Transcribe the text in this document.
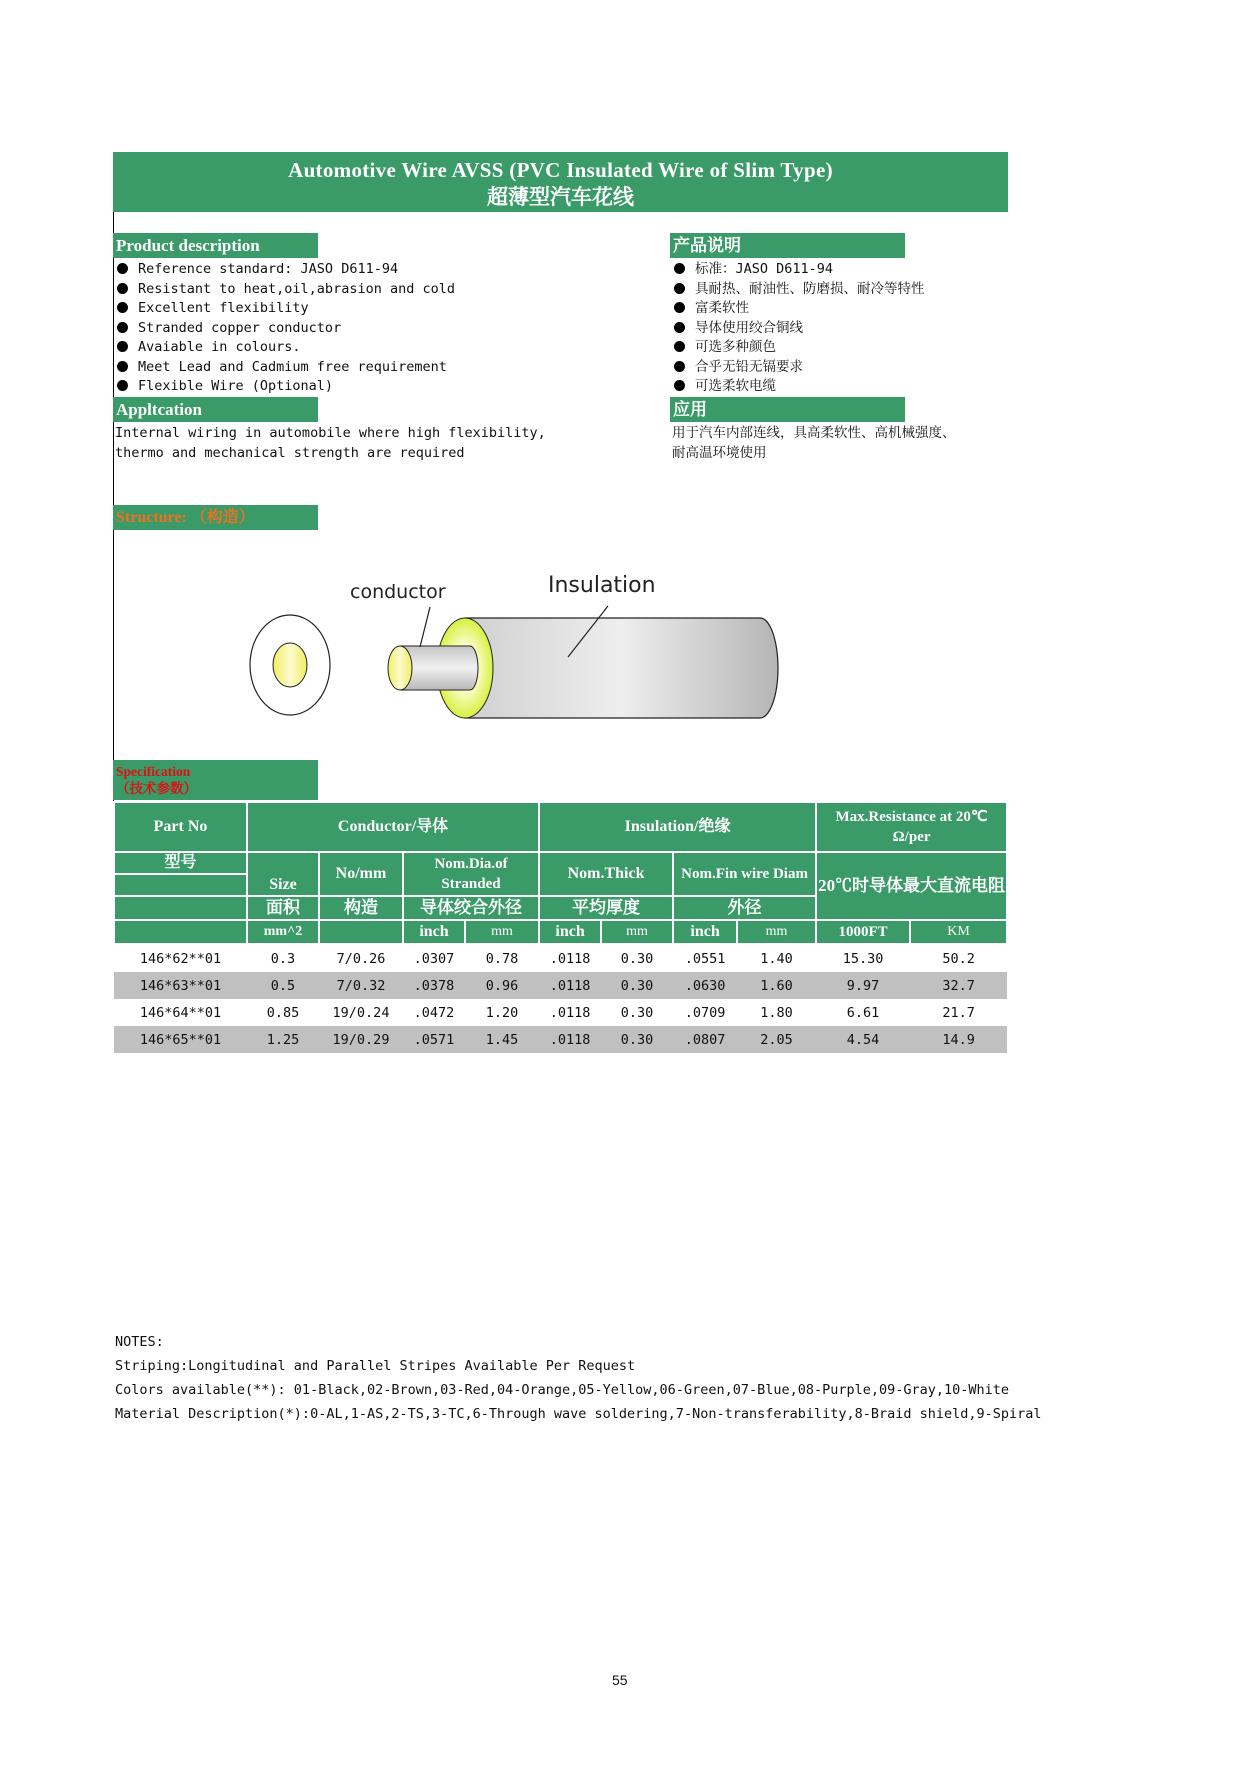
Automotive Wire AVSS (PVC Insulated Wire of Slim Type)
超薄型汽车花线
Product description
Reference standard: JASO D611-94
Resistant to heat,oil,abrasion and cold
Excellent flexibility
Stranded copper conductor
Avaiable in colours.
Meet Lead and Cadmium free requirement
Flexible Wire (Optional)
产品说明
标准：JASO D611-94
具耐热、耐油性、防磨损、耐冷等特性
富柔软性
导体使用绞合铜线
可选多种颜色
合乎无铅无镉要求
可选柔软电缆
Appltcation
Internal wiring in automobile where high flexibility,
thermo and mechanical strength are required
应用
用于汽车内部连线，具高柔软性、高机械强度、
耐高温环境使用
Structure: （构造）
conductor	Insulation
Specification
（技术参数）
Part No	Conductor/导体				Insulation/绝缘				Max.Resistance at 20℃ Ω/per	
型号	Size	No/mm	Nom.Dia.of Stranded		Nom.Thick		Nom.Fin wire Diam		20℃时导体最大直流电阻	

	面积	构造	导体绞合外径		平均厚度		外径			
	mm^2		inch	mm	inch	mm	inch	mm	1000FT	KM
146*62**01	0.3	7/0.26	.0307	0.78	.0118	0.30	.0551	1.40	15.30	50.2
146*63**01	0.5	7/0.32	.0378	0.96	.0118	0.30	.0630	1.60	9.97	32.7
146*64**01	0.85	19/0.24	.0472	1.20	.0118	0.30	.0709	1.80	6.61	21.7
146*65**01	1.25	19/0.29	.0571	1.45	.0118	0.30	.0807	2.05	4.54	14.9
NOTES:
Striping:Longitudinal and Parallel Stripes Available Per Request
Colors available(**): 01-Black,02-Brown,03-Red,04-Orange,05-Yellow,06-Green,07-Blue,08-Purple,09-Gray,10-White
Material Description(*):0-AL,1-AS,2-TS,3-TC,6-Through wave soldering,7-Non-transferability,8-Braid shield,9-Spiral
55
